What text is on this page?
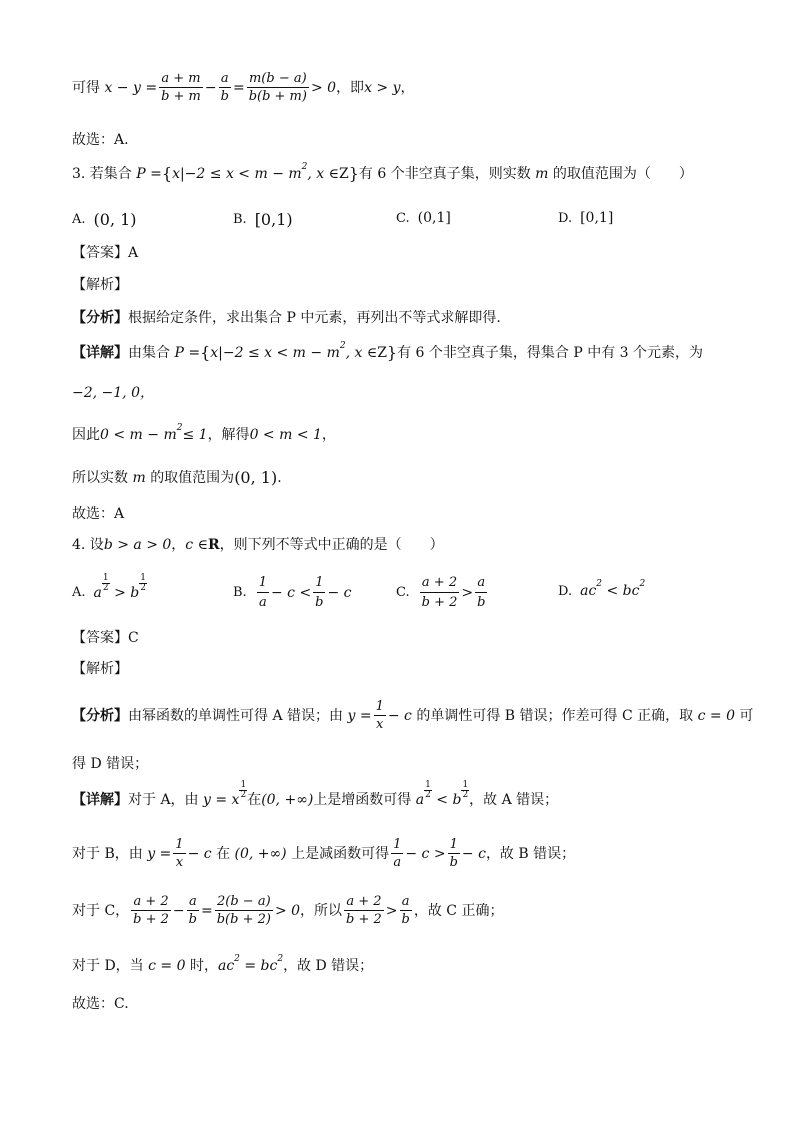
可得 $x - y = \frac{a + m}{b + m} - \frac{a}{b} = \frac{m(b - a)}{b(b + m)} > 0$ ，即 x > y ，
故选：A.
3. 若集合 P = { x|−2 ≤ x < m − m 2 , x ∈ Z } 有 6 个非空真子集，则实数 m 的取值范围为（　　）
A. (0, 1)	B. [0,1)	C. (0,1]	D. [0,1]
【答案】A
【解析】
【分析】 根据给定条件，求出集合 P 中元素，再列出不等式求解即得.
【详解】 由集合 P = { x|−2 ≤ x < m − m 2 , x ∈ Z } 有 6 个非空真子集，得集合 P 中有 3 个元素，为
−2, −1, 0，
因此 0 < m − m 2 ≤ 1 ，解得 0 < m < 1 ，
所以实数 m 的取值范围为 (0, 1) .
故选：A
4. 设 b > a > 0 ， c ∈ R ，则下列不等式中正确的是（　　）
A. a
1
2 > b
1
2	B. $\frac{1}{a} - c < \frac{1}{b} - c$	C. $\frac{a + 2}{b + 2} > \frac{a}{b}$	D. ac 2 < bc 2
【答案】C
【解析】
【分析】 由幂函数的单调性可得 A 错误；由 $y = \frac{1}{x} - c$ 的单调性可得 B 错误；作差可得 C 正确，取 c = 0 可
得 D 错误；
【详解】 对于 A，由 y = x
1
2 在 (0, +∞) 上是增函数可得 a
1
2 < b
1
2 ，故 A 错误；
对于 B，由 $y = \frac{1}{x} - c$ 在 (0, +∞) 上是减函数可得 $\frac{1}{a} - c > \frac{1}{b} - c$ ，故 B 错误；
对于 C， $\frac{a + 2}{b + 2} - \frac{a}{b} = \frac{2(b - a)}{b(b + 2)} > 0$ ，所以 $\frac{a + 2}{b + 2} > \frac{a}{b}$ ，故 C 正确；
对于 D，当 c = 0 时， ac 2 = bc 2 ，故 D 错误；
故选：C.
